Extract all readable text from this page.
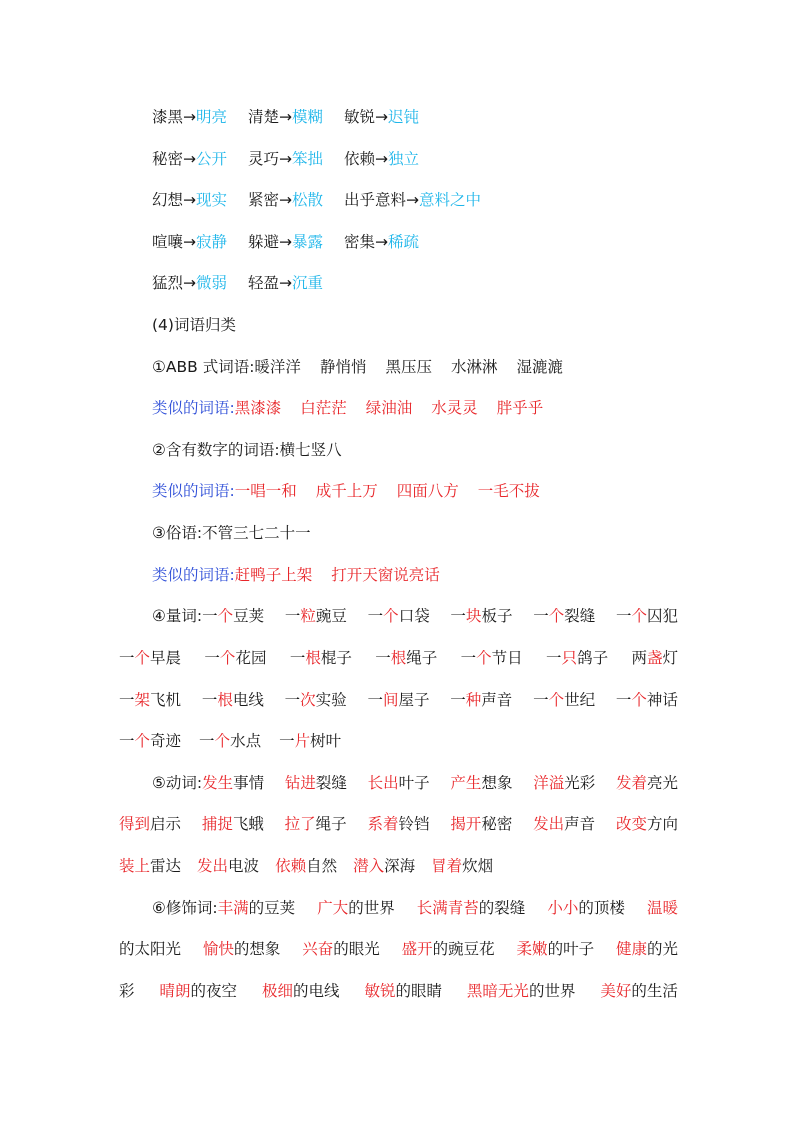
漆黑→明亮 清楚→模糊 敏锐→迟钝
秘密→公开 灵巧→笨拙 依赖→独立
幻想→现实 紧密→松散 出乎意料→意料之中
喧嚷→寂静 躲避→暴露 密集→稀疏
猛烈→微弱 轻盈→沉重
(4)词语归类
①ABB 式词语:暖洋洋 静悄悄 黑压压 水淋淋 湿漉漉
类似的词语:黑漆漆 白茫茫 绿油油 水灵灵 胖乎乎
②含有数字的词语:横七竖八
类似的词语:一唱一和 成千上万 四面八方 一毛不拔
③俗语:不管三七二十一
类似的词语:赶鸭子上架 打开天窗说亮话
④量词:一个豆荚 一粒豌豆 一个口袋 一块板子 一个裂缝 一个囚犯
一个早晨 一个花园 一根棍子 一根绳子 一个节日 一只鸽子 两盏灯
一架飞机 一根电线 一次实验 一间屋子 一种声音 一个世纪 一个神话
一个奇迹 一个水点 一片树叶
⑤动词:发生事情 钻进裂缝 长出叶子 产生想象 洋溢光彩 发着亮光
得到启示 捕捉飞蛾 拉了绳子 系着铃铛 揭开秘密 发出声音 改变方向
装上雷达 发出电波 依赖自然 潜入深海 冒着炊烟
⑥修饰词:丰满的豆荚 广大的世界 长满青苔的裂缝 小小的顶楼 温暖
的太阳光 愉快的想象 兴奋的眼光 盛开的豌豆花 柔嫩的叶子 健康的光
彩 晴朗的夜空 极细的电线 敏锐的眼睛 黑暗无光的世界 美好的生活
